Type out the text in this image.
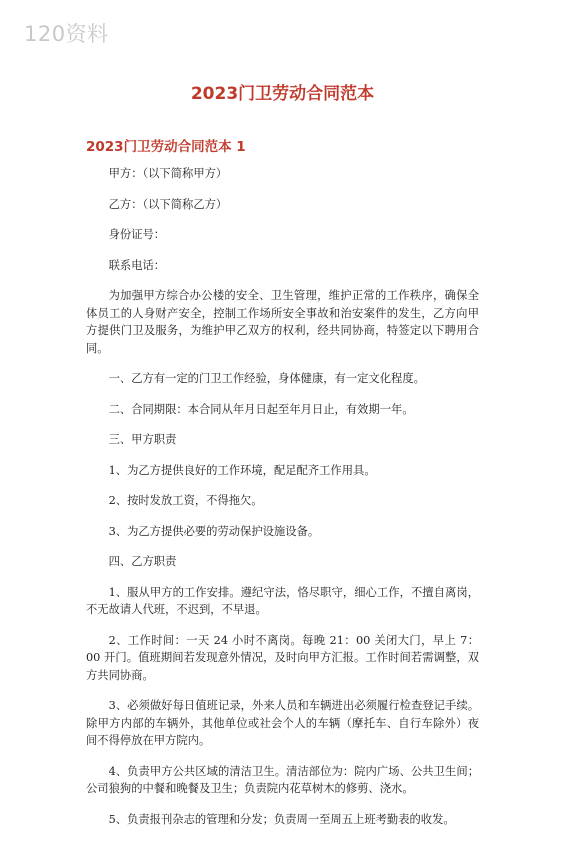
120资料
2023门卫劳动合同范本
2023门卫劳动合同范本 1

甲方：（以下简称甲方）

乙方：（以下简称乙方）

身份证号：

联系电话：

为加强甲方综合办公楼的安全、卫生管理，维护正常的工作秩序，确保全体员工的人身财产安全，控制工作场所安全事故和治安案件的发生，乙方向甲方提供门卫及服务，为维护甲乙双方的权利，经共同协商，特签定以下聘用合同。

一、乙方有一定的门卫工作经验，身体健康，有一定文化程度。

二、合同期限：本合同从年月日起至年月日止，有效期一年。

三、甲方职责

1、为乙方提供良好的工作环境，配足配齐工作用具。

2、按时发放工资，不得拖欠。

3、为乙方提供必要的劳动保护设施设备。

四、乙方职责

1、服从甲方的工作安排。遵纪守法，恪尽职守，细心工作，不擅自离岗，不无故请人代班，不迟到，不早退。

2、工作时间：一天 24 小时不离岗。每晚 21：00 关闭大门，早上 7：00 开门。值班期间若发现意外情况，及时向甲方汇报。工作时间若需调整，双方共同协商。

3、必须做好每日值班记录，外来人员和车辆进出必须履行检查登记手续。除甲方内部的车辆外，其他单位或社会个人的车辆（摩托车、自行车除外）夜间不得停放在甲方院内。

4、负责甲方公共区域的清洁卫生。清洁部位为：院内广场、公共卫生间；公司狼狗的中餐和晚餐及卫生；负责院内花草树木的修剪、浇水。

5、负责报刊杂志的管理和分发；负责周一至周五上班考勤表的收发。
